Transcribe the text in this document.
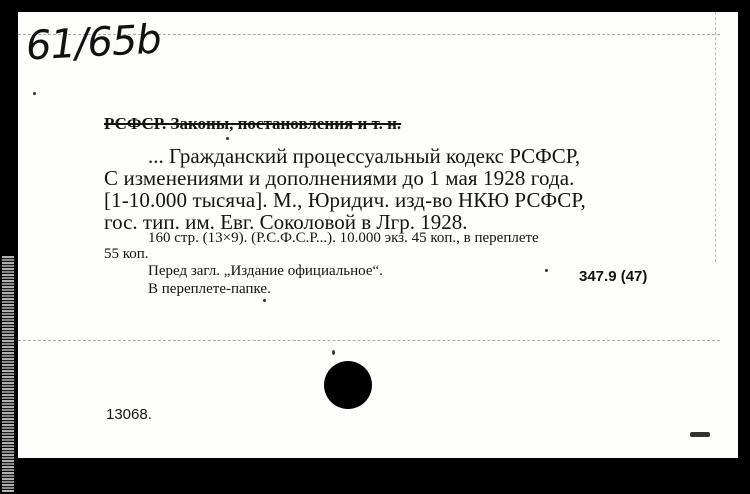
61/65b
РСФСР. Законы, постановления и т. н.
... Гражданский процессуальный кодекс РСФСР,
С изменениями и дополнениями до 1 мая 1928 года.
[1-10.000 тысяча]. М., Юридич. изд-во НКЮ РСФСР,
гос. тип. им. Евг. Соколовой в Лгр. 1928.
160 стр. (13×9). (Р.С.Ф.С.Р...). 10.000 экз. 45 коп., в переплете
55 коп.
Перед загл. „Издание официальное“.
В переплете-папке.
347.9 (47)
13068.
